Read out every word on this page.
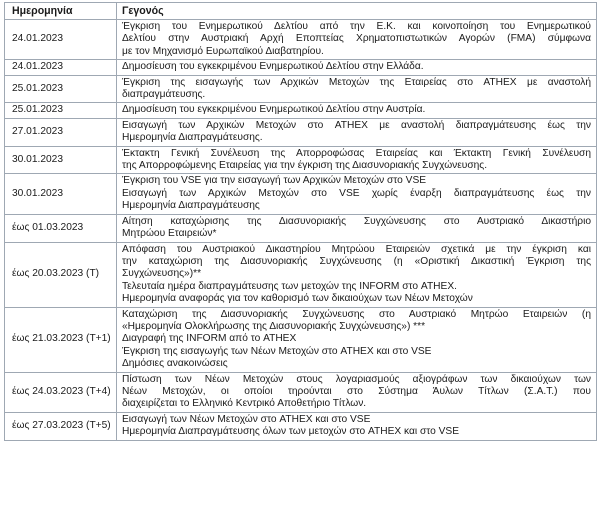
Ημερομηνία	Γεγονός
24.01.2023	Έγκριση του Ενημερωτικού Δελτίου από την Ε.Κ. και κοινοποίηση του Ενημερωτικού
Δελτίου στην Αυστριακή Αρχή Εποπτείας Χρηματοπιστωτικών Αγορών (FMA) σύμφωνα
με τον Μηχανισμό Ευρωπαϊκού Διαβατηρίου.

24.01.2023	Δημοσίευση του εγκεκριμένου Ενημερωτικού Δελτίου στην Ελλάδα.

25.01.2023	Έγκριση της εισαγωγής των Αρχικών Μετοχών της Εταιρείας στο ATHEX με αναστολή
διαπραγμάτευσης.

25.01.2023	Δημοσίευση του εγκεκριμένου Ενημερωτικού Δελτίου στην Αυστρία.

27.01.2023	Εισαγωγή των Αρχικών Μετοχών στο ATHEX με αναστολή διαπραγμάτευσης έως την
Ημερομηνία Διαπραγμάτευσης.

30.01.2023	Έκτακτη Γενική Συνέλευση της Απορροφώσας Εταιρείας και Έκτακτη Γενική Συνέλευση
της Απορροφώμενης Εταιρείας για την έγκριση της Διασυνοριακής Συγχώνευσης.

30.01.2023	Έγκριση του VSE για την εισαγωγή των Αρχικών Μετοχών στο VSE
Εισαγωγή των Αρχικών Μετοχών στο VSE χωρίς έναρξη διαπραγμάτευσης έως την
Ημερομηνία Διαπραγμάτευσης

έως 01.03.2023	Αίτηση καταχώρισης της Διασυνοριακής Συγχώνευσης στο Αυστριακό Δικαστήριο
Μητρώου Εταιρειών*

έως 20.03.2023 (T)	Απόφαση του Αυστριακού Δικαστηρίου Μητρώου Εταιρειών σχετικά με την έγκριση και
την καταχώριση της Διασυνοριακής Συγχώνευσης (η «Οριστική Δικαστική Έγκριση της
Συγχώνευσης»)**
Τελευταία ημέρα διαπραγμάτευσης των μετοχών της INFORM στο ATHEX.
Ημερομηνία αναφοράς για τον καθορισμό των δικαιούχων των Νέων Μετοχών

έως 21.03.2023 (T+1)	Καταχώριση της Διασυνοριακής Συγχώνευσης στο Αυστριακό Μητρώο Εταιρειών (η
«Ημερομηνία Ολοκλήρωσης της Διασυνοριακής Συγχώνευσης») ***
Διαγραφή της INFORM από το ATHEX
Έγκριση της εισαγωγής των Νέων Μετοχών στο ATHEX και στο VSE
Δημόσιες ανακοινώσεις

έως 24.03.2023 (T+4)	Πίστωση των Νέων Μετοχών στους λογαριασμούς αξιογράφων των δικαιούχων των
Νέων Μετοχών, οι οποίοι τηρούνται στο Σύστημα Άυλων Τίτλων (Σ.Α.Τ.) που
διαχειρίζεται το Ελληνικό Κεντρικό Αποθετήριο Τίτλων.

έως 27.03.2023 (T+5)	Εισαγωγή των Νέων Μετοχών στο ATHEX και στο VSE
Ημερομηνία Διαπραγμάτευσης όλων των μετοχών στο ATHEX και στο VSE
